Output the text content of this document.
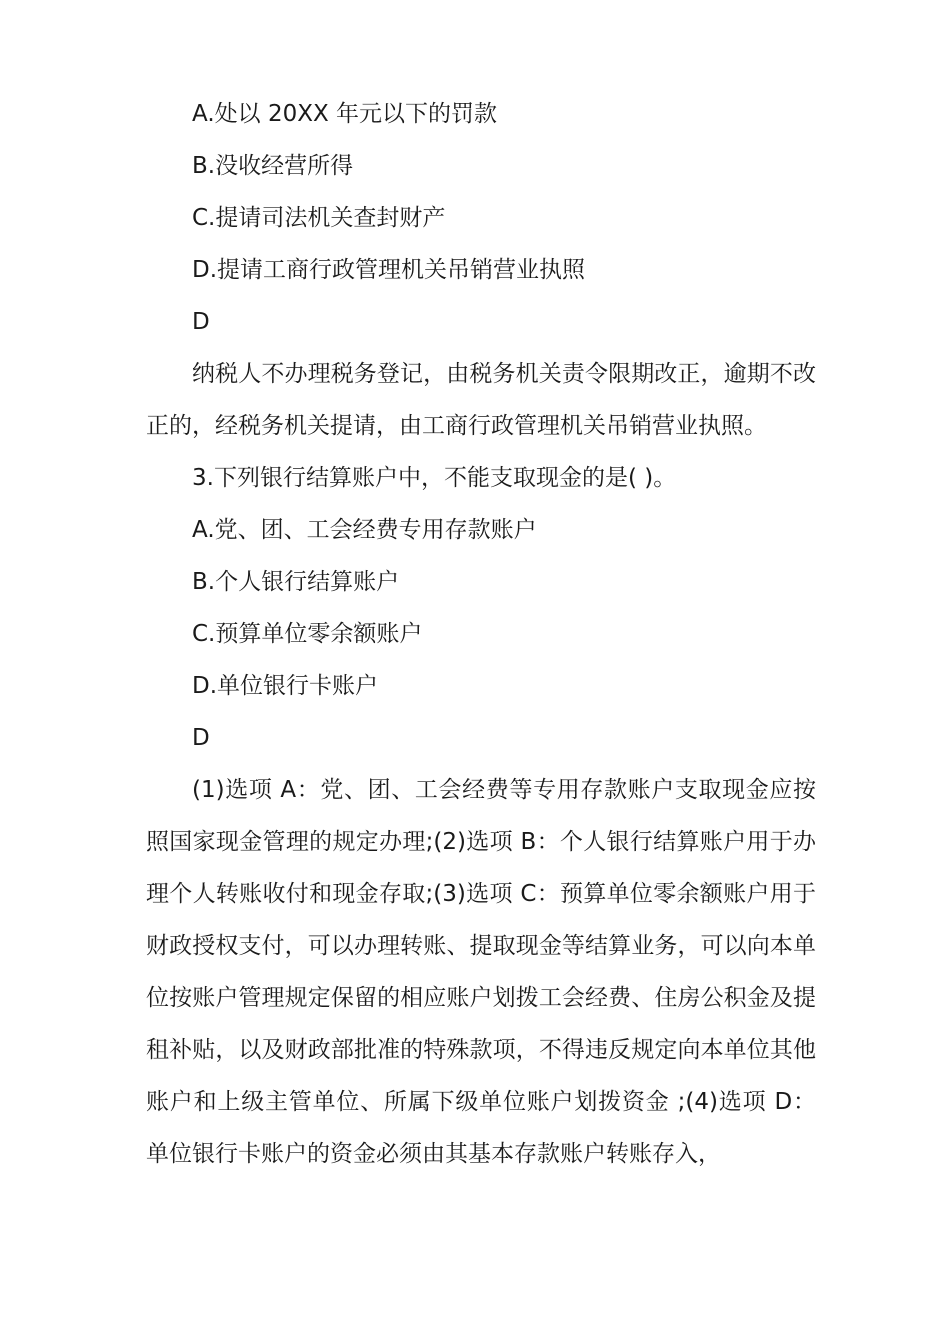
A.处以 20XX 年元以下的罚款

B.没收经营所得

C.提请司法机关查封财产

D.提请工商行政管理机关吊销营业执照

D

纳税人不办理税务登记，由税务机关责令限期改正，逾期不改正的，经税务机关提请，由工商行政管理机关吊销营业执照。

3.下列银行结算账户中，不能支取现金的是( )。

A.党、团、工会经费专用存款账户

B.个人银行结算账户

C.预算单位零余额账户

D.单位银行卡账户

D

(1)选项 A：党、团、工会经费等专用存款账户支取现金应按照国家现金管理的规定办理;(2)选项 B：个人银行结算账户用于办理个人转账收付和现金存取;(3)选项 C：预算单位零余额账户用于财政授权支付，可以办理转账、提取现金等结算业务，可以向本单位按账户管理规定保留的相应账户划拨工会经费、住房公积金及提租补贴，以及财政部批准的特殊款项，不得违反规定向本单位其他账户和上级主管单位、所属下级单位账户划拨资金 ;(4)选项 D：单位银行卡账户的资金必须由其基本存款账户转账存入，
